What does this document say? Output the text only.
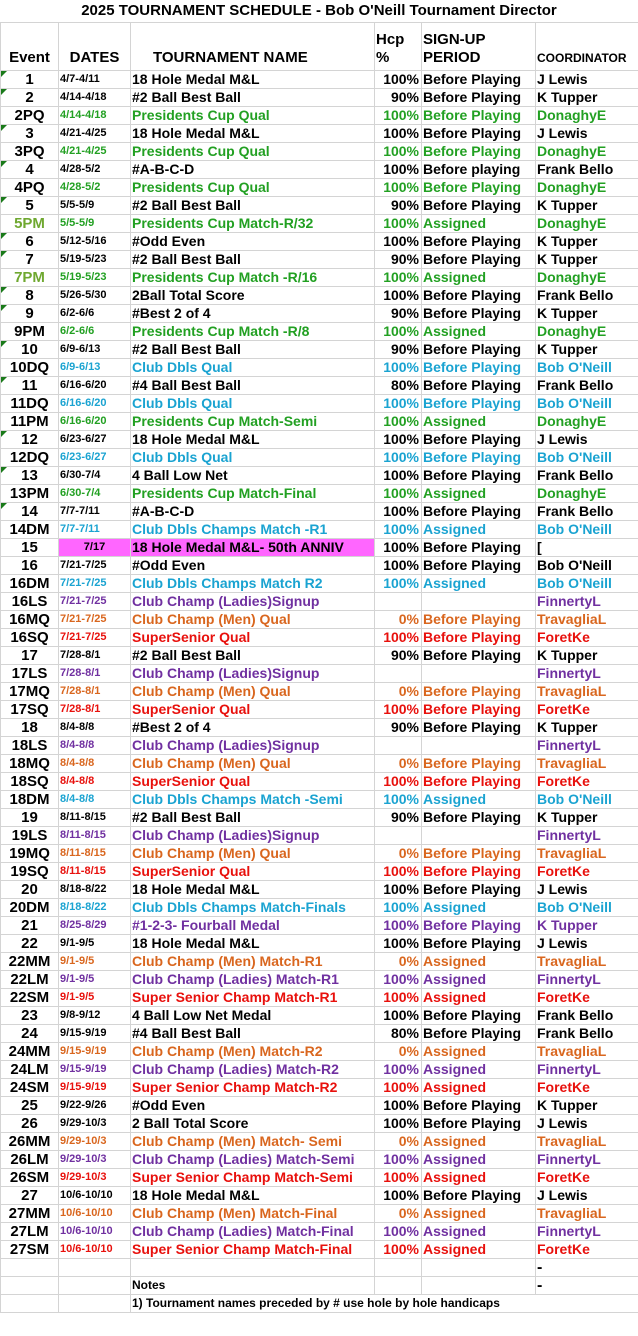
2025 TOURNAMENT SCHEDULE - Bob O'Neill Tournament Director
Event	DATES	TOURNAMENT NAME	Hcp %	SIGN-UP PERIOD	COORDINATOR
1	4/7-4/11	18 Hole Medal M&L	100%	Before Playing	J Lewis
2	4/14-4/18	#2 Ball Best Ball	90%	Before Playing	K Tupper
2PQ	4/14-4/18	Presidents Cup Qual	100%	Before Playing	DonaghyE
3	4/21-4/25	18 Hole Medal M&L	100%	Before Playing	J Lewis
3PQ	4/21-4/25	Presidents Cup Qual	100%	Before Playing	DonaghyE
4	4/28-5/2	#A-B-C-D	100%	Before playing	Frank Bello
4PQ	4/28-5/2	Presidents Cup Qual	100%	Before Playing	DonaghyE
5	5/5-5/9	#2 Ball Best Ball	90%	Before Playing	K Tupper
5PM	5/5-5/9	Presidents Cup Match-R/32	100%	Assigned	DonaghyE
6	5/12-5/16	#Odd Even	100%	Before Playing	K Tupper
7	5/19-5/23	#2 Ball Best Ball	90%	Before Playing	K Tupper
7PM	5/19-5/23	Presidents Cup Match -R/16	100%	Assigned	DonaghyE
8	5/26-5/30	2Ball Total Score	100%	Before Playing	Frank Bello
9	6/2-6/6	#Best 2 of 4	90%	Before Playing	K Tupper
9PM	6/2-6/6	Presidents Cup Match -R/8	100%	Assigned	DonaghyE
10	6/9-6/13	#2 Ball Best Ball	90%	Before Playing	K Tupper
10DQ	6/9-6/13	Club Dbls Qual	100%	Before Playing	Bob O'Neill
11	6/16-6/20	#4 Ball Best Ball	80%	Before Playing	Frank Bello
11DQ	6/16-6/20	Club Dbls Qual	100%	Before Playing	Bob O'Neill
11PM	6/16-6/20	Presidents Cup Match-Semi	100%	Assigned	DonaghyE
12	6/23-6/27	18 Hole Medal M&L	100%	Before Playing	J Lewis
12DQ	6/23-6/27	Club Dbls Qual	100%	Before Playing	Bob O'Neill
13	6/30-7/4	4 Ball Low Net	100%	Before Playing	Frank Bello
13PM	6/30-7/4	Presidents Cup Match-Final	100%	Assigned	DonaghyE
14	7/7-7/11	#A-B-C-D	100%	Before Playing	Frank Bello
14DM	7/7-7/11	Club Dbls Champs Match -R1	100%	Assigned	Bob O'Neill
15	7/17	18 Hole Medal M&L- 50th ANNIV	100%	Before Playing	[
16	7/21-7/25	#Odd Even	100%	Before Playing	Bob O'Neill
16DM	7/21-7/25	Club Dbls Champs Match R2	100%	Assigned	Bob O'Neill
16LS	7/21-7/25	Club Champ (Ladies)Signup			FinnertyL
16MQ	7/21-7/25	Club Champ (Men) Qual	0%	Before Playing	TravagliaL
16SQ	7/21-7/25	SuperSenior Qual	100%	Before Playing	ForetKe
17	7/28-8/1	#2 Ball Best Ball	90%	Before Playing	K Tupper
17LS	7/28-8/1	Club Champ (Ladies)Signup			FinnertyL
17MQ	7/28-8/1	Club Champ (Men) Qual	0%	Before Playing	TravagliaL
17SQ	7/28-8/1	SuperSenior Qual	100%	Before Playing	ForetKe
18	8/4-8/8	#Best 2 of 4	90%	Before Playing	K Tupper
18LS	8/4-8/8	Club Champ (Ladies)Signup			FinnertyL
18MQ	8/4-8/8	Club Champ (Men) Qual	0%	Before Playing	TravagliaL
18SQ	8/4-8/8	SuperSenior Qual	100%	Before Playing	ForetKe
18DM	8/4-8/8	Club Dbls Champs Match -Semi	100%	Assigned	Bob O'Neill
19	8/11-8/15	#2 Ball Best Ball	90%	Before Playing	K Tupper
19LS	8/11-8/15	Club Champ (Ladies)Signup			FinnertyL
19MQ	8/11-8/15	Club Champ (Men) Qual	0%	Before Playing	TravagliaL
19SQ	8/11-8/15	SuperSenior Qual	100%	Before Playing	ForetKe
20	8/18-8/22	18 Hole Medal M&L	100%	Before Playing	J Lewis
20DM	8/18-8/22	Club Dbls Champs Match-Finals	100%	Assigned	Bob O'Neill
21	8/25-8/29	#1-2-3- Fourball Medal	100%	Before Playing	K Tupper
22	9/1-9/5	18 Hole Medal M&L	100%	Before Playing	J Lewis
22MM	9/1-9/5	Club Champ (Men) Match-R1	0%	Assigned	TravagliaL
22LM	9/1-9/5	Club Champ (Ladies) Match-R1	100%	Assigned	FinnertyL
22SM	9/1-9/5	Super Senior Champ Match-R1	100%	Assigned	ForetKe
23	9/8-9/12	4 Ball Low Net Medal	100%	Before Playing	Frank Bello
24	9/15-9/19	#4 Ball Best Ball	80%	Before Playing	Frank Bello
24MM	9/15-9/19	Club Champ (Men) Match-R2	0%	Assigned	TravagliaL
24LM	9/15-9/19	Club Champ (Ladies) Match-R2	100%	Assigned	FinnertyL
24SM	9/15-9/19	Super Senior Champ Match-R2	100%	Assigned	ForetKe
25	9/22-9/26	#Odd Even	100%	Before Playing	K Tupper
26	9/29-10/3	2 Ball Total Score	100%	Before Playing	J Lewis
26MM	9/29-10/3	Club Champ (Men) Match- Semi	0%	Assigned	TravagliaL
26LM	9/29-10/3	Club Champ (Ladies) Match-Semi	100%	Assigned	FinnertyL
26SM	9/29-10/3	Super Senior Champ Match-Semi	100%	Assigned	ForetKe
27	10/6-10/10	18 Hole Medal M&L	100%	Before Playing	J Lewis
27MM	10/6-10/10	Club Champ (Men) Match-Final	0%	Assigned	TravagliaL
27LM	10/6-10/10	Club Champ (Ladies) Match-Final	100%	Assigned	FinnertyL
27SM	10/6-10/10	Super Senior Champ Match-Final	100%	Assigned	ForetKe
					-
		Notes			-
		1) Tournament names preceded by # use hole by hole handicaps			
